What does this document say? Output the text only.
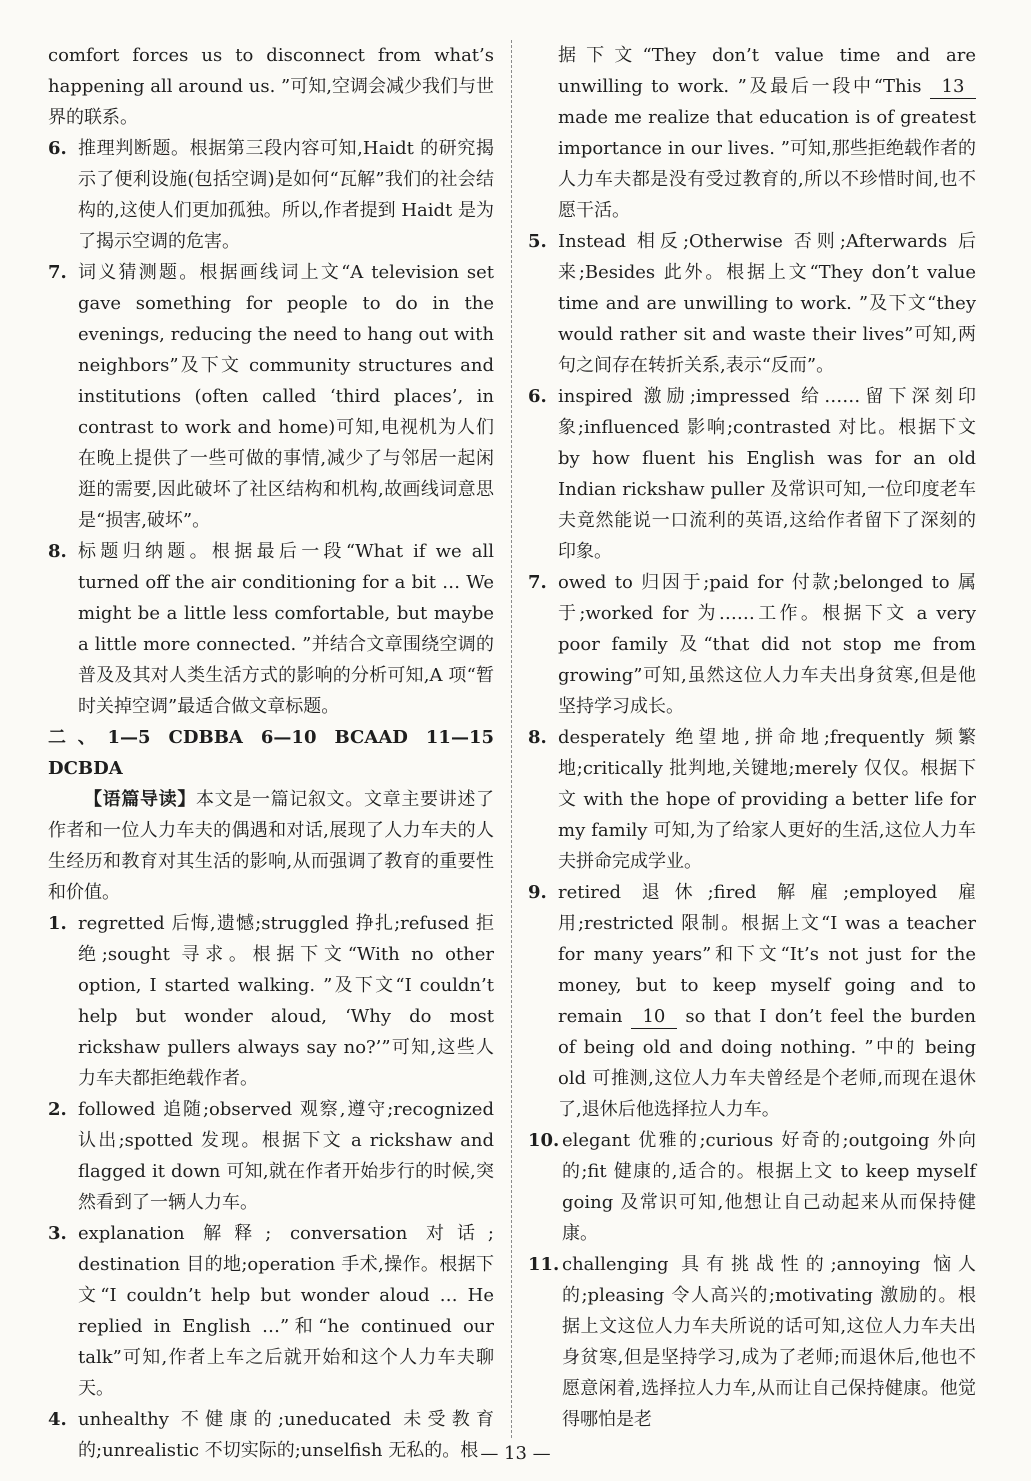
comfort forces us to disconnect from what’s happening all around us. ”可知,空调会减少我们与世界的联系。

6. 推理判断题。根据第三段内容可知,Haidt 的研究揭示了便利设施(包括空调)是如何“瓦解”我们的社会结构的,这使人们更加孤独。所以,作者提到 Haidt 是为了揭示空调的危害。
7. 词义猜测题。根据画线词上文“A television set gave something for people to do in the evenings, reducing the need to hang out with neighbors”及下文 community structures and institutions (often called ‘third places’, in contrast to work and home)可知,电视机为人们在晚上提供了一些可做的事情,减少了与邻居一起闲逛的需要,因此破坏了社区结构和机构,故画线词意思是“损害,破坏”。
8. 标题归纳题。根据最后一段“What if we all turned off the air conditioning for a bit … We might be a little less comfortable, but maybe a little more connected. ”并结合文章围绕空调的普及及其对人类生活方式的影响的分析可知,A 项“暂时关掉空调”最适合做文章标题。

二、1—5 CDBBA 6—10 BCAAD 11—15 DCBDA

【语篇导读】本文是一篇记叙文。文章主要讲述了作者和一位人力车夫的偶遇和对话,展现了人力车夫的人生经历和教育对其生活的影响,从而强调了教育的重要性和价值。

1. regretted 后悔,遗憾;struggled 挣扎;refused 拒绝;sought 寻求。根据下文“With no other option, I started walking. ”及下文“I couldn’t help but wonder aloud, ‘Why do most rickshaw pullers always say no?’”可知,这些人力车夫都拒绝载作者。
2. followed 追随;observed 观察,遵守;recognized 认出;spotted 发现。根据下文 a rickshaw and flagged it down 可知,就在作者开始步行的时候,突然看到了一辆人力车。
3. explanation 解释; conversation 对话; destination 目的地;operation 手术,操作。根据下文“I couldn’t help but wonder aloud … He replied in English …”和“he continued our talk”可知,作者上车之后就开始和这个人力车夫聊天。
4. unhealthy 不健康的;uneducated 未受教育的;unrealistic 不切实际的;unselfish 无私的。根

据下文“They don’t value time and are unwilling to work. ”及最后一段中“This 13 made me realize that education is of greatest importance in our lives. ”可知,那些拒绝载作者的人力车夫都是没有受过教育的,所以不珍惜时间,也不愿干活。

5. Instead 相反;Otherwise 否则;Afterwards 后来;Besides 此外。根据上文“They don’t value time and are unwilling to work. ”及下文“they would rather sit and waste their lives”可知,两句之间存在转折关系,表示“反而”。
6. inspired 激励;impressed 给……留下深刻印象;influenced 影响;contrasted 对比。根据下文 by how fluent his English was for an old Indian rickshaw puller 及常识可知,一位印度老车夫竟然能说一口流利的英语,这给作者留下了深刻的印象。
7. owed to 归因于;paid for 付款;belonged to 属于;worked for 为……工作。根据下文 a very poor family 及“that did not stop me from growing”可知,虽然这位人力车夫出身贫寒,但是他坚持学习成长。
8. desperately 绝望地,拼命地;frequently 频繁地;critically 批判地,关键地;merely 仅仅。根据下文 with the hope of providing a better life for my family 可知,为了给家人更好的生活,这位人力车夫拼命完成学业。
9. retired 退休;fired 解雇;employed 雇用;restricted 限制。根据上文“I was a teacher for many years”和下文“It’s not just for the money, but to keep myself going and to remain 10 so that I don’t feel the burden of being old and doing nothing. ”中的 being old 可推测,这位人力车夫曾经是个老师,而现在退休了,退休后他选择拉人力车。
10. elegant 优雅的;curious 好奇的;outgoing 外向的;fit 健康的,适合的。根据上文 to keep myself going 及常识可知,他想让自己动起来从而保持健康。
11. challenging 具有挑战性的;annoying 恼人的;pleasing 令人高兴的;motivating 激励的。根据上文这位人力车夫所说的话可知,这位人力车夫出身贫寒,但是坚持学习,成为了老师;而退休后,他也不愿意闲着,选择拉人力车,从而让自己保持健康。他觉得哪怕是老
— 13 —
